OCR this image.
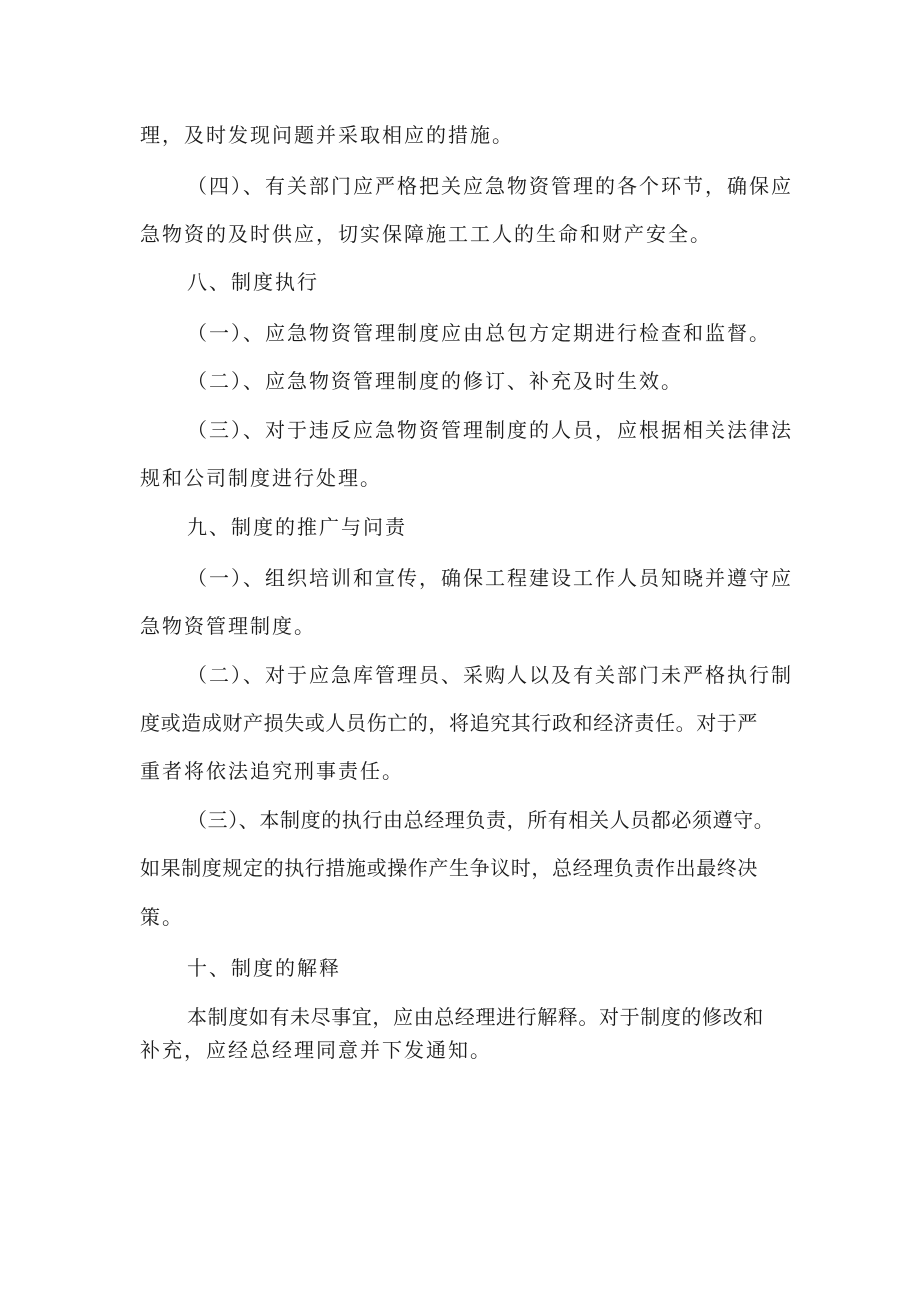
理，及时发现问题并采取相应的措施。
（四）、有关部门应严格把关应急物资管理的各个环节，确保应
急物资的及时供应，切实保障施工工人的生命和财产安全。
八、制度执行
（一）、应急物资管理制度应由总包方定期进行检查和监督。
（二）、应急物资管理制度的修订、补充及时生效。
（三）、对于违反应急物资管理制度的人员，应根据相关法律法
规和公司制度进行处理。
九、制度的推广与问责
（一）、组织培训和宣传，确保工程建设工作人员知晓并遵守应
急物资管理制度。
（二）、对于应急库管理员、采购人以及有关部门未严格执行制
度或造成财产损失或人员伤亡的，将追究其行政和经济责任。对于严
重者将依法追究刑事责任。
（三）、本制度的执行由总经理负责，所有相关人员都必须遵守。
如果制度规定的执行措施或操作产生争议时，总经理负责作出最终决
策。
十、制度的解释
本制度如有未尽事宜，应由总经理进行解释。对于制度的修改和
补充，应经总经理同意并下发通知。
